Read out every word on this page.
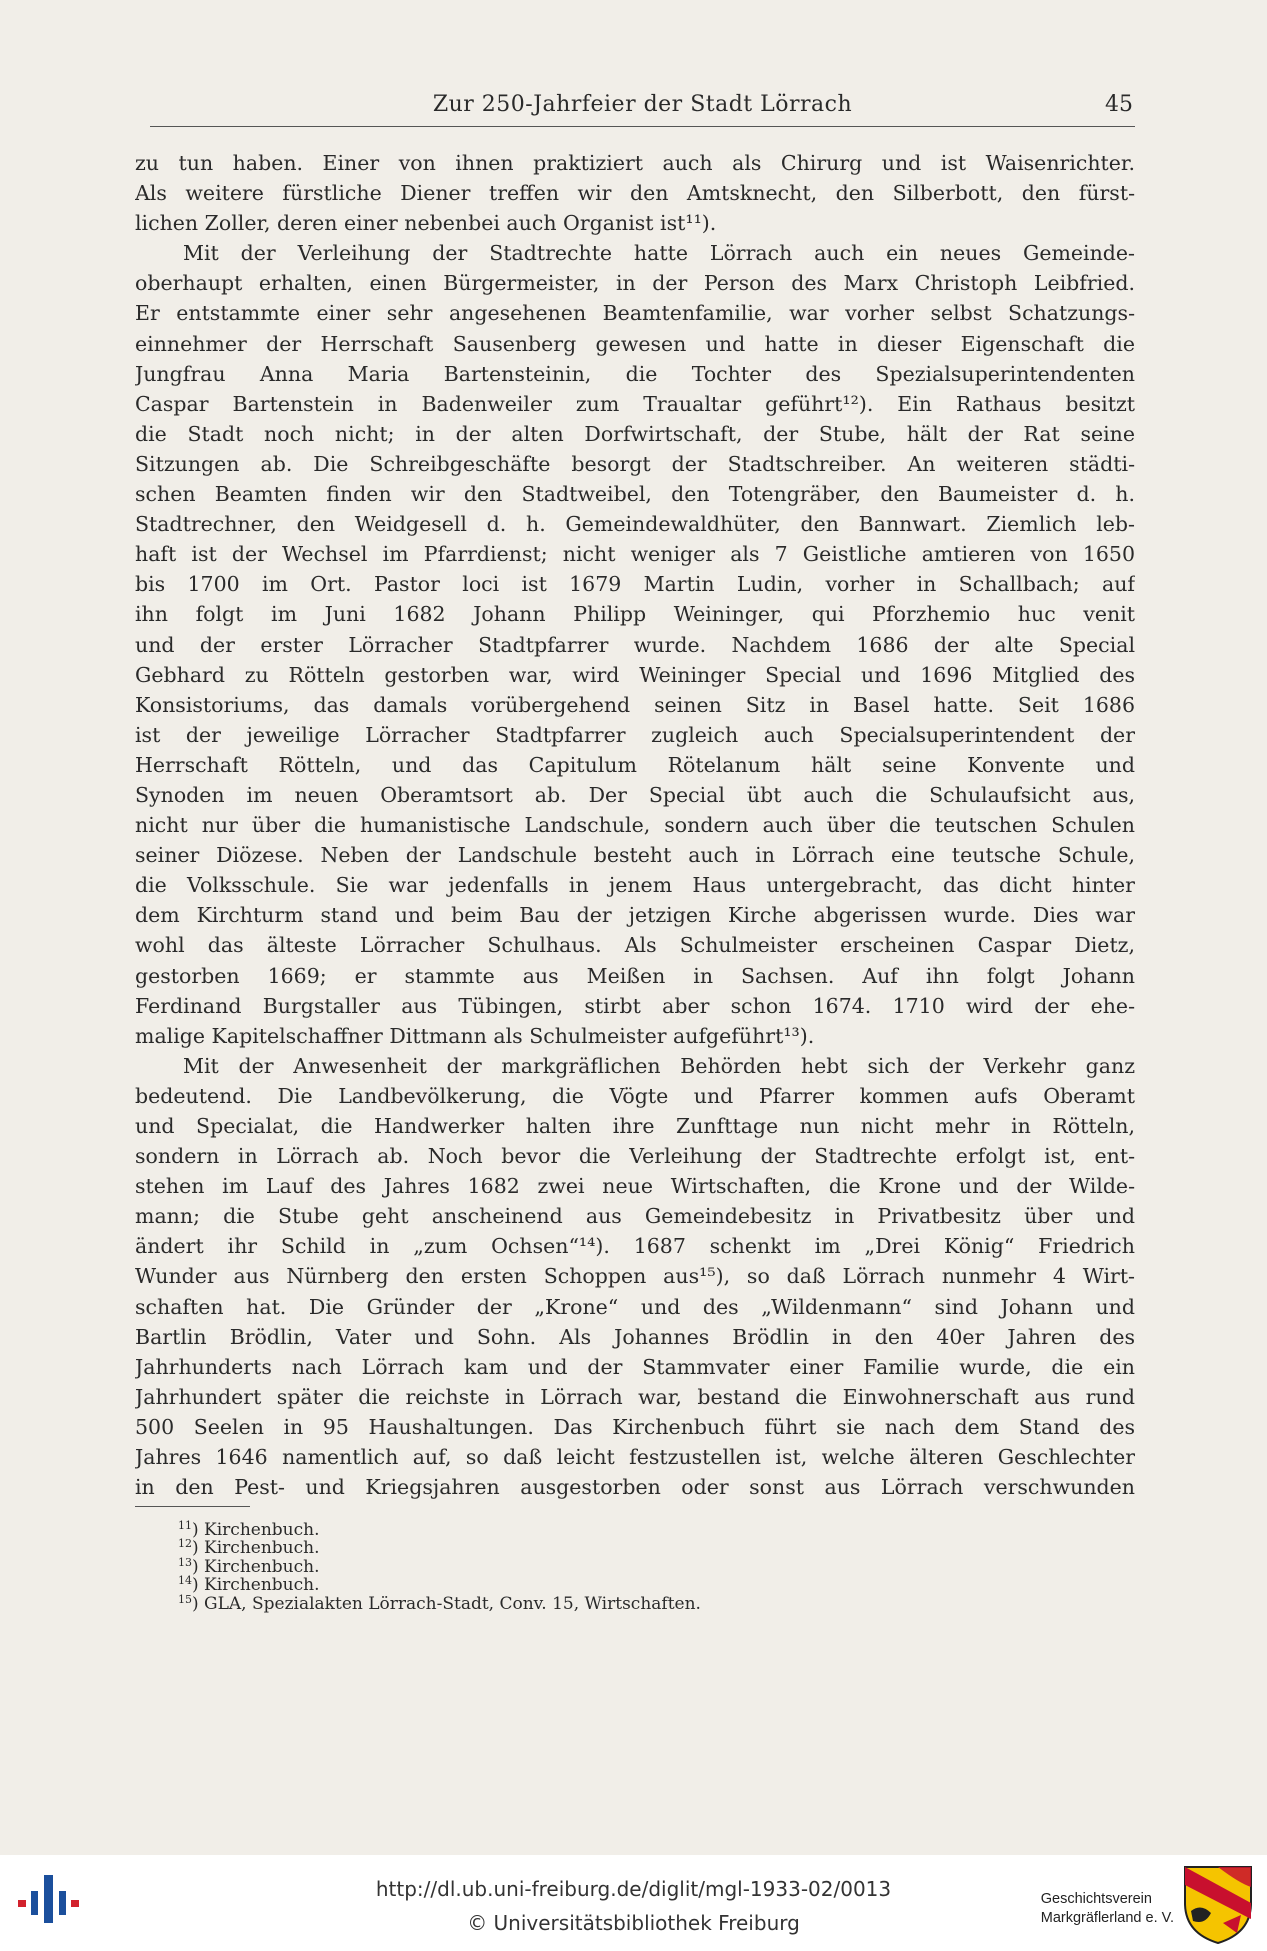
Zur 250-Jahrfeier der Stadt Lörrach	45
zu tun haben. Einer von ihnen praktiziert auch als Chirurg und ist Waisenrichter.
Als weitere fürstliche Diener treffen wir den Amtsknecht, den Silberbott, den fürst-
lichen Zoller, deren einer nebenbei auch Organist ist¹¹).
Mit der Verleihung der Stadtrechte hatte Lörrach auch ein neues Gemeinde-
oberhaupt erhalten, einen Bürgermeister, in der Person des Marx Christoph Leibfried.
Er entstammte einer sehr angesehenen Beamtenfamilie, war vorher selbst Schatzungs-
einnehmer der Herrschaft Sausenberg gewesen und hatte in dieser Eigenschaft die
Jungfrau Anna Maria Bartensteinin, die Tochter des Spezialsuperintendenten
Caspar Bartenstein in Badenweiler zum Traualtar geführt¹²). Ein Rathaus besitzt
die Stadt noch nicht; in der alten Dorfwirtschaft, der Stube, hält der Rat seine
Sitzungen ab. Die Schreibgeschäfte besorgt der Stadtschreiber. An weiteren städti-
schen Beamten finden wir den Stadtweibel, den Totengräber, den Baumeister d. h.
Stadtrechner, den Weidgesell d. h. Gemeindewaldhüter, den Bannwart. Ziemlich leb-
haft ist der Wechsel im Pfarrdienst; nicht weniger als 7 Geistliche amtieren von 1650
bis 1700 im Ort. Pastor loci ist 1679 Martin Ludin, vorher in Schallbach; auf
ihn folgt im Juni 1682 Johann Philipp Weininger, qui Pforzhemio huc venit
und der erster Lörracher Stadtpfarrer wurde. Nachdem 1686 der alte Special
Gebhard zu Rötteln gestorben war, wird Weininger Special und 1696 Mitglied des
Konsistoriums, das damals vorübergehend seinen Sitz in Basel hatte. Seit 1686
ist der jeweilige Lörracher Stadtpfarrer zugleich auch Specialsuperintendent der
Herrschaft Rötteln, und das Capitulum Rötelanum hält seine Konvente und
Synoden im neuen Oberamtsort ab. Der Special übt auch die Schulaufsicht aus,
nicht nur über die humanistische Landschule, sondern auch über die teutschen Schulen
seiner Diözese. Neben der Landschule besteht auch in Lörrach eine teutsche Schule,
die Volksschule. Sie war jedenfalls in jenem Haus untergebracht, das dicht hinter
dem Kirchturm stand und beim Bau der jetzigen Kirche abgerissen wurde. Dies war
wohl das älteste Lörracher Schulhaus. Als Schulmeister erscheinen Caspar Dietz,
gestorben 1669; er stammte aus Meißen in Sachsen. Auf ihn folgt Johann
Ferdinand Burgstaller aus Tübingen, stirbt aber schon 1674. 1710 wird der ehe-
malige Kapitelschaffner Dittmann als Schulmeister aufgeführt¹³).
Mit der Anwesenheit der markgräflichen Behörden hebt sich der Verkehr ganz
bedeutend. Die Landbevölkerung, die Vögte und Pfarrer kommen aufs Oberamt
und Specialat, die Handwerker halten ihre Zunfttage nun nicht mehr in Rötteln,
sondern in Lörrach ab. Noch bevor die Verleihung der Stadtrechte erfolgt ist, ent-
stehen im Lauf des Jahres 1682 zwei neue Wirtschaften, die Krone und der Wilde-
mann; die Stube geht anscheinend aus Gemeindebesitz in Privatbesitz über und
ändert ihr Schild in „zum Ochsen“¹⁴). 1687 schenkt im „Drei König“ Friedrich
Wunder aus Nürnberg den ersten Schoppen aus¹⁵), so daß Lörrach nunmehr 4 Wirt-
schaften hat. Die Gründer der „Krone“ und des „Wildenmann“ sind Johann und
Bartlin Brödlin, Vater und Sohn. Als Johannes Brödlin in den 40er Jahren des
Jahrhunderts nach Lörrach kam und der Stammvater einer Familie wurde, die ein
Jahrhundert später die reichste in Lörrach war, bestand die Einwohnerschaft aus rund
500 Seelen in 95 Haushaltungen. Das Kirchenbuch führt sie nach dem Stand des
Jahres 1646 namentlich auf, so daß leicht festzustellen ist, welche älteren Geschlechter
in den Pest- und Kriegsjahren ausgestorben oder sonst aus Lörrach verschwunden
$^{11}$) Kirchenbuch.
$^{12}$) Kirchenbuch.
$^{13}$) Kirchenbuch.
$^{14}$) Kirchenbuch.
$^{15}$) GLA, Spezialakten Lörrach-Stadt, Conv. 15, Wirtschaften.
http://dl.ub.uni-freiburg.de/diglit/mgl-1933-02/0013
© Universitätsbibliothek Freiburg
Geschichtsverein
Markgräflerland e. V.
